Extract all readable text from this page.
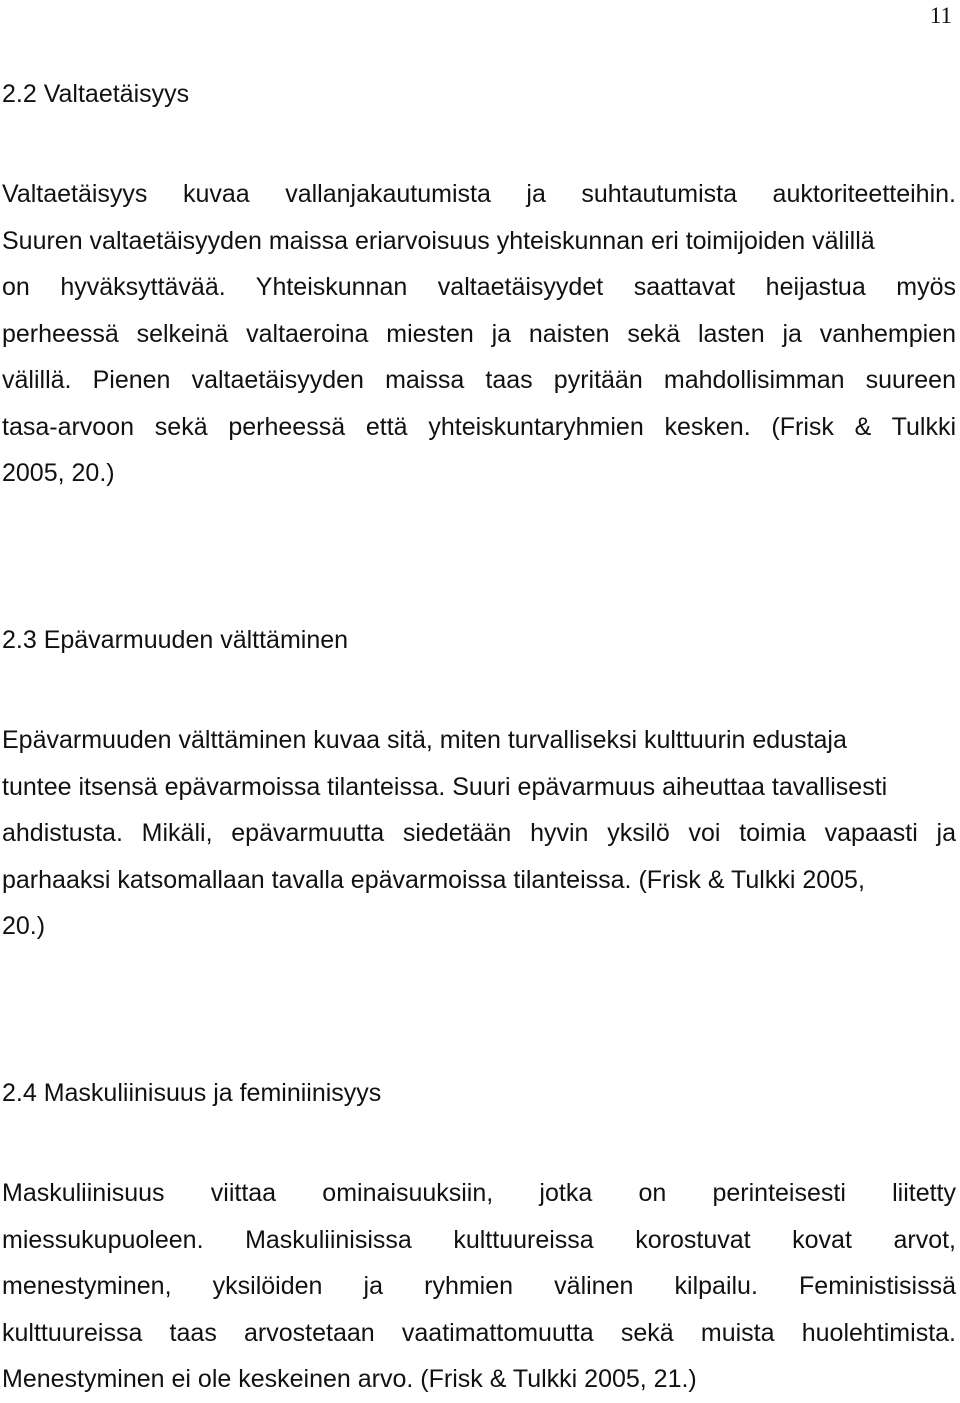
11
2.2 Valtaetäisyys
Valtaetäisyys kuvaa vallanjakautumista ja suhtautumista auktoriteetteihin.
Suuren valtaetäisyyden maissa eriarvoisuus yhteiskunnan eri toimijoiden välillä
on hyväksyttävää. Yhteiskunnan valtaetäisyydet saattavat heijastua myös
perheessä selkeinä valtaeroina miesten ja naisten sekä lasten ja vanhempien
välillä. Pienen valtaetäisyyden maissa taas pyritään mahdollisimman suureen
tasa-arvoon sekä perheessä että yhteiskuntaryhmien kesken. (Frisk & Tulkki
2005, 20.)
2.3 Epävarmuuden välttäminen
Epävarmuuden välttäminen kuvaa sitä, miten turvalliseksi kulttuurin edustaja
tuntee itsensä epävarmoissa tilanteissa. Suuri epävarmuus aiheuttaa tavallisesti
ahdistusta. Mikäli, epävarmuutta siedetään hyvin yksilö voi toimia vapaasti ja
parhaaksi katsomallaan tavalla epävarmoissa tilanteissa. (Frisk & Tulkki 2005,
20.)
2.4 Maskuliinisuus ja feminiinisyys
Maskuliinisuus viittaa ominaisuuksiin, jotka on perinteisesti liitetty
miessukupuoleen. Maskuliinisissa kulttuureissa korostuvat kovat arvot,
menestyminen, yksilöiden ja ryhmien välinen kilpailu. Feministisissä
kulttuureissa taas arvostetaan vaatimattomuutta sekä muista huolehtimista.
Menestyminen ei ole keskeinen arvo. (Frisk & Tulkki 2005, 21.)
